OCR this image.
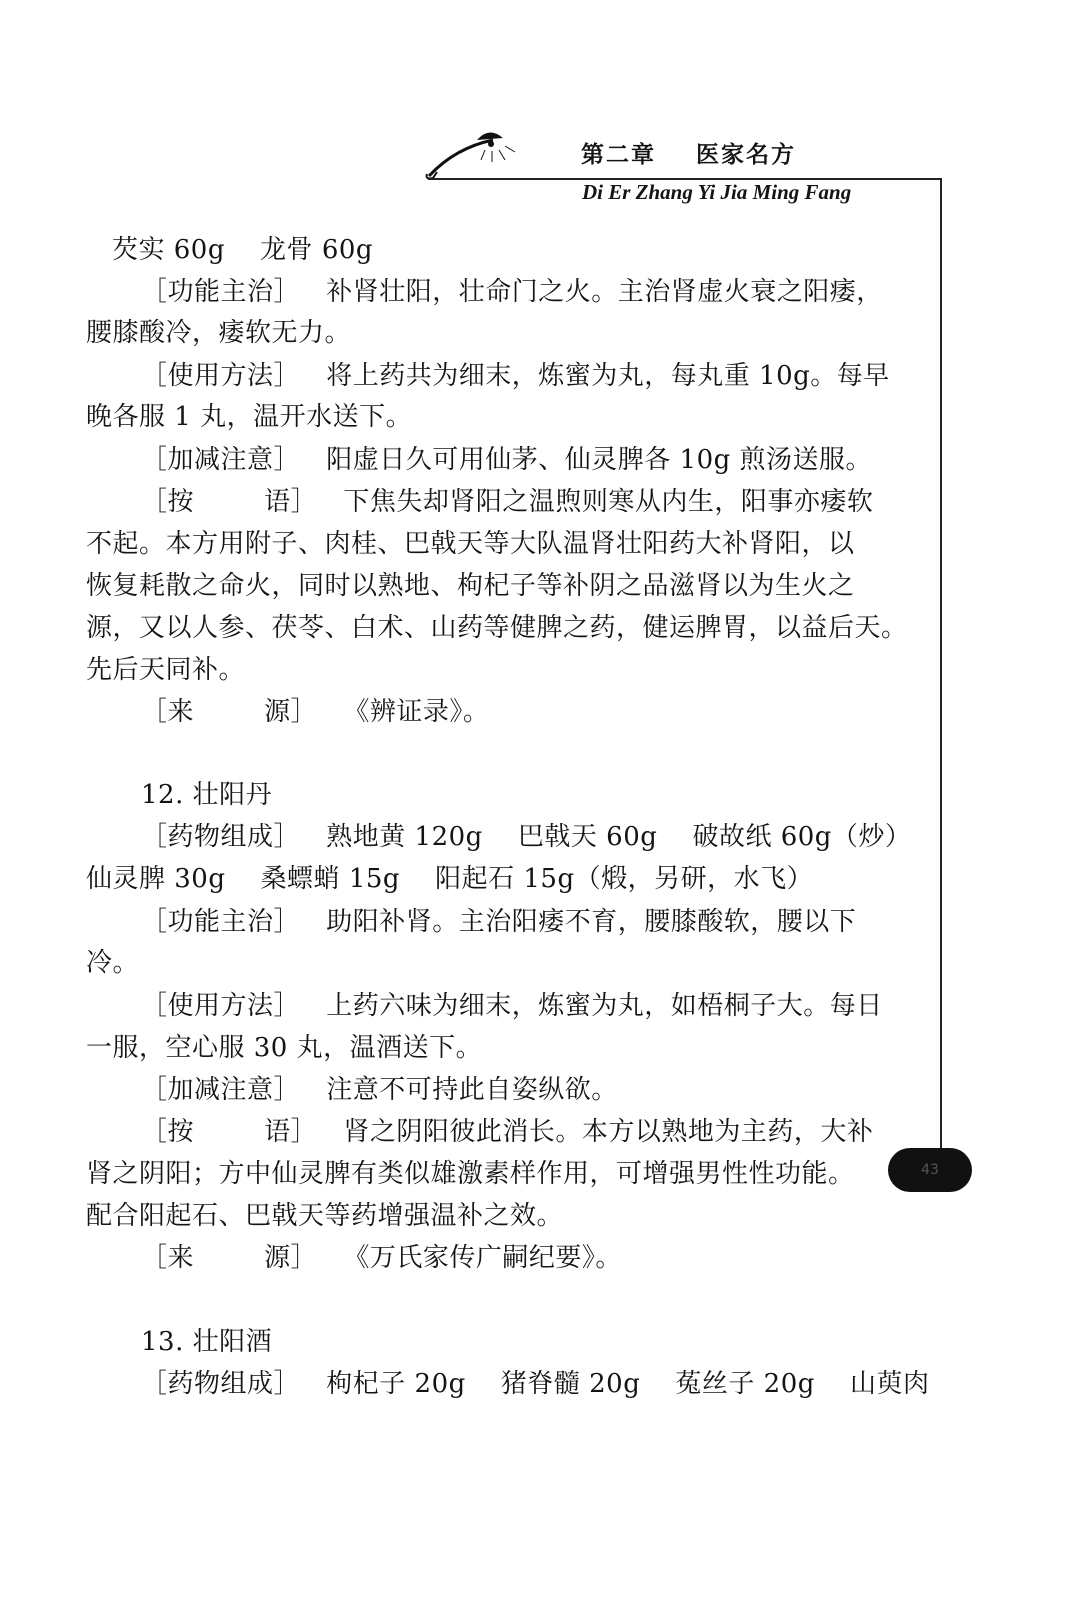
第二章    医家名方
Di Er Zhang Yi Jia Ming Fang
43
芡实 60g    龙骨 60g
［功能主治］   补肾壮阳，壮命门之火。主治肾虚火衰之阳痿，
腰膝酸冷，痿软无力。
［使用方法］   将上药共为细末，炼蜜为丸，每丸重 10g。每早
晚各服 1 丸，温开水送下。
［加减注意］   阳虚日久可用仙茅、仙灵脾各 10g 煎汤送服。
［按        语］   下焦失却肾阳之温煦则寒从内生，阳事亦痿软
不起。本方用附子、肉桂、巴戟天等大队温肾壮阳药大补肾阳，以
恢复耗散之命火，同时以熟地、枸杞子等补阴之品滋肾以为生火之
源，又以人参、茯苓、白术、山药等健脾之药，健运脾胃，以益后天。
先后天同补。
［来        源］   《辨证录》。
12. 壮阳丹
［药物组成］   熟地黄 120g    巴戟天 60g    破故纸 60g（炒）
仙灵脾 30g    桑螵蛸 15g    阳起石 15g（煅，另研，水飞）
［功能主治］   助阳补肾。主治阳痿不育，腰膝酸软，腰以下
冷。
［使用方法］   上药六味为细末，炼蜜为丸，如梧桐子大。每日
一服，空心服 30 丸，温酒送下。
［加减注意］   注意不可持此自姿纵欲。
［按        语］   肾之阴阳彼此消长。本方以熟地为主药，大补
肾之阴阳；方中仙灵脾有类似雄激素样作用，可增强男性性功能。
配合阳起石、巴戟天等药增强温补之效。
［来        源］   《万氏家传广嗣纪要》。
13. 壮阳酒
［药物组成］   枸杞子 20g    猪脊髓 20g    菟丝子 20g    山萸肉
